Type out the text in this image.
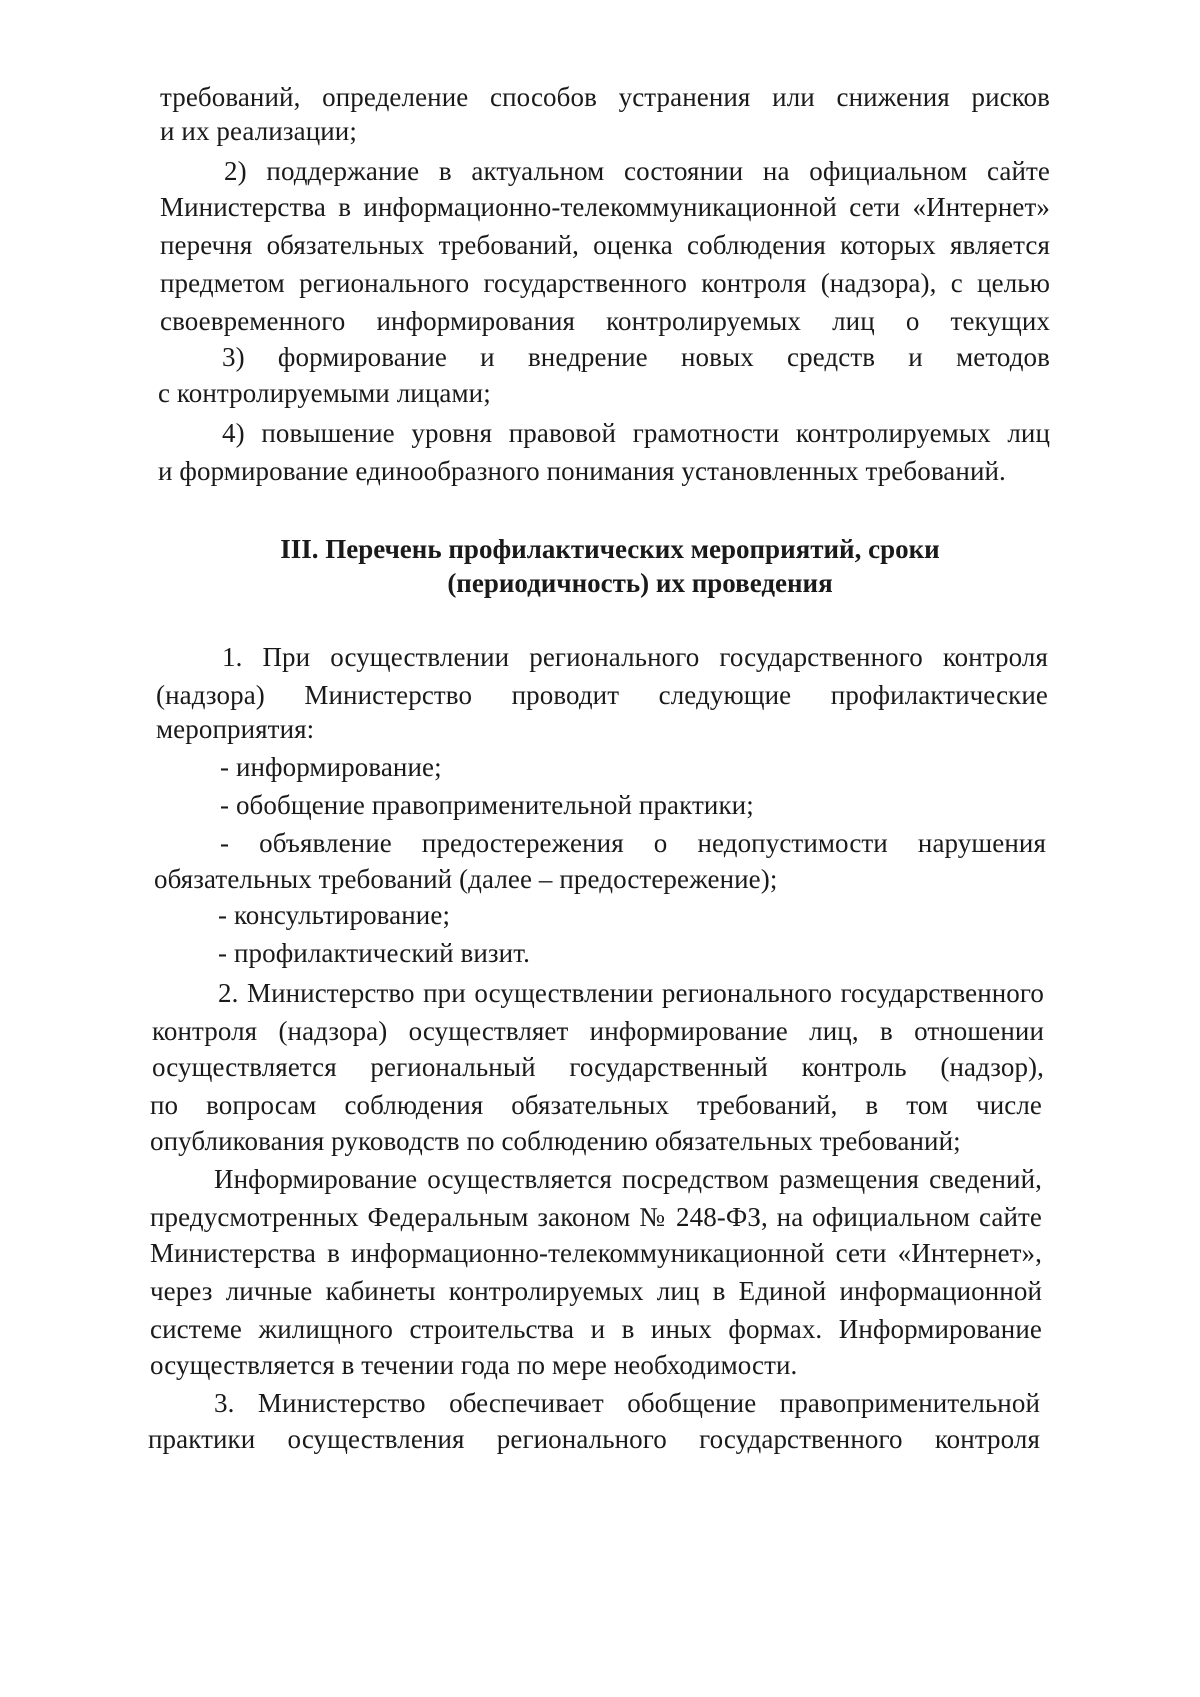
требований, определение способов устранения или снижения рисков
и их реализации;
2) поддержание в актуальном состоянии на официальном сайте
Министерства в информационно-телекоммуникационной сети «Интернет»
перечня обязательных требований, оценка соблюдения которых является
предметом регионального государственного контроля (надзора), с целью
своевременного информирования контролируемых лиц о текущих
3) формирование и внедрение новых средств и методов
с контролируемыми лицами;
4) повышение уровня правовой грамотности контролируемых лиц
и формирование единообразного понимания установленных требований.
III. Перечень профилактических мероприятий, сроки
(периодичность) их проведения
1. При осуществлении регионального государственного контроля
(надзора) Министерство проводит следующие профилактические
мероприятия:
- информирование;
- обобщение правоприменительной практики;
- объявление предостережения о недопустимости нарушения
обязательных требований (далее – предостережение);
- консультирование;
- профилактический визит.
2. Министерство при осуществлении регионального государственного
контроля (надзора) осуществляет информирование лиц, в отношении
осуществляется региональный государственный контроль (надзор),
по вопросам соблюдения обязательных требований, в том числе
опубликования руководств по соблюдению обязательных требований;
Информирование осуществляется посредством размещения сведений,
предусмотренных Федеральным законом № 248-ФЗ, на официальном сайте
Министерства в информационно-телекоммуникационной сети «Интернет»,
через личные кабинеты контролируемых лиц в Единой информационной
системе жилищного строительства и в иных формах. Информирование
осуществляется в течении года по мере необходимости.
3. Министерство обеспечивает обобщение правоприменительной
практики осуществления регионального государственного контроля
